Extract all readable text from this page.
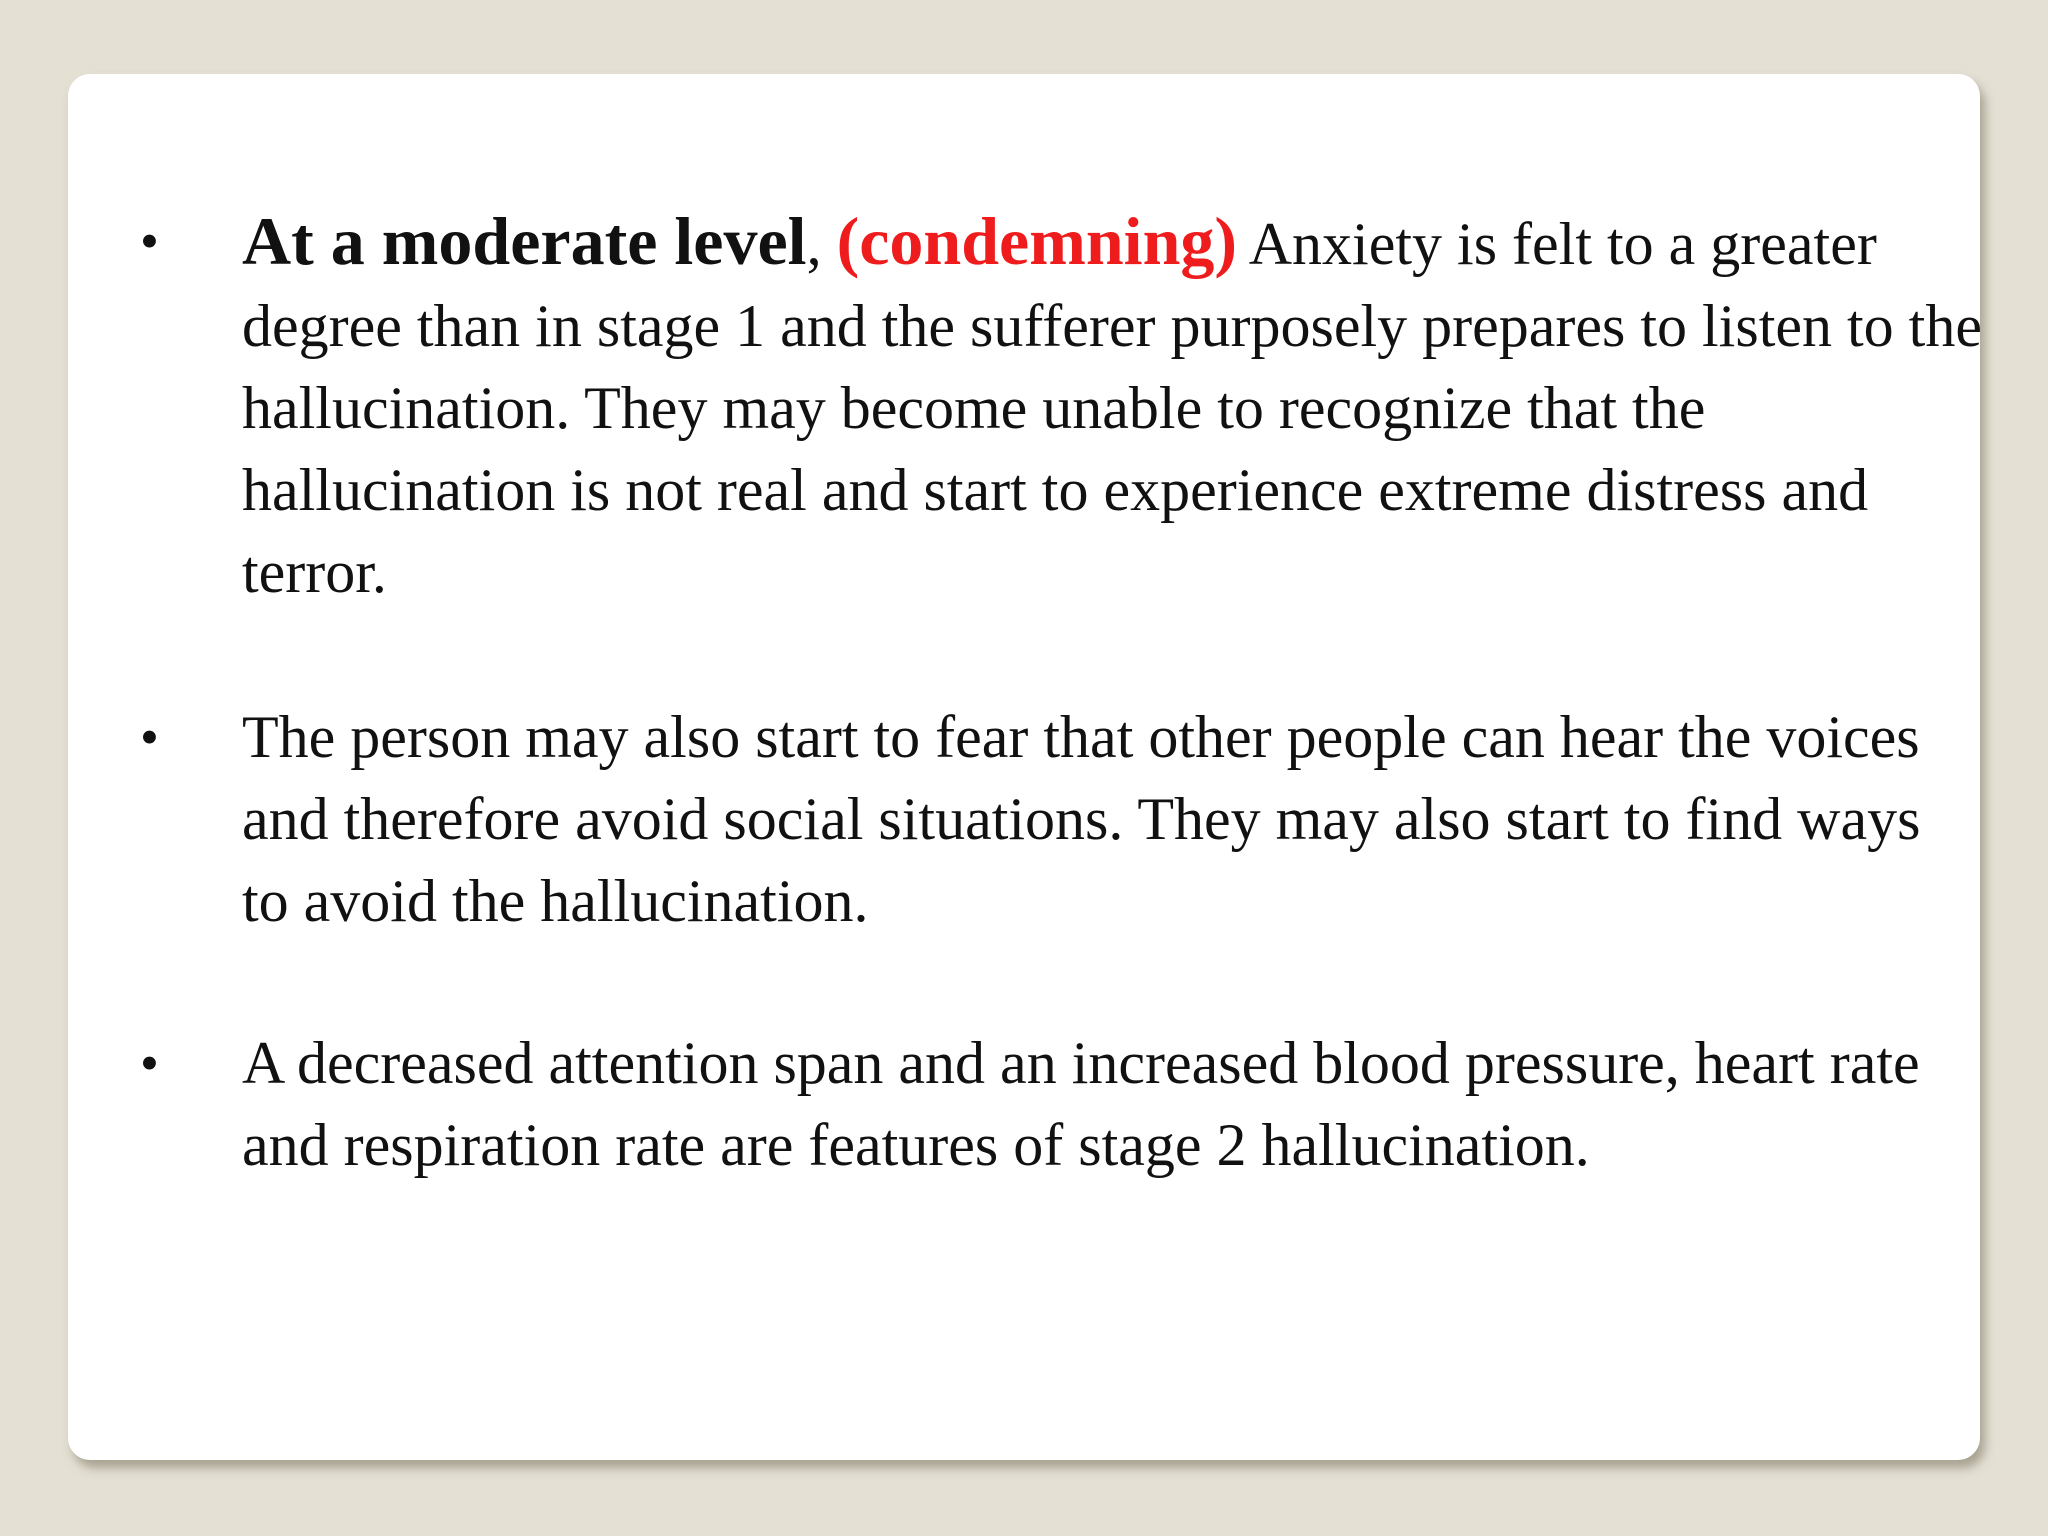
•	At a moderate level, (condemning) Anxiety is felt to a greater degree than in stage 1 and the sufferer purposely prepares to listen to the hallucination. They may become unable to recognize that the hallucination is not real and start to experience extreme distress and terror.

•	The person may also start to fear that other people can hear the voices and therefore avoid social situations. They may also start to find ways to avoid the hallucination.

•	A decreased attention span and an increased blood pressure, heart rate and respiration rate are features of stage 2 hallucination.
